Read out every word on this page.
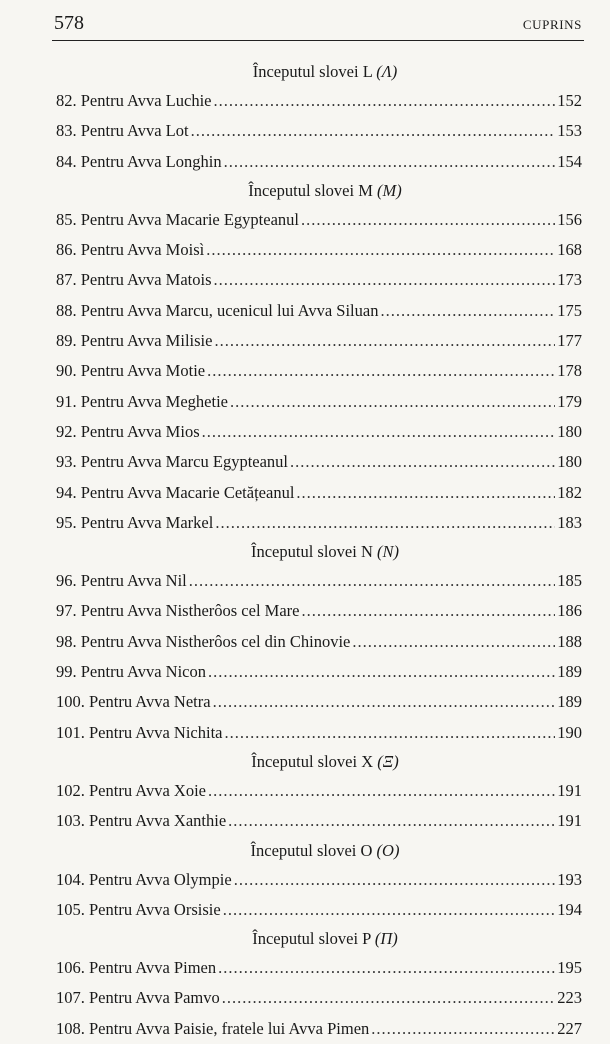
578	CUPRINS
Începutul slovei L (Λ)
82. Pentru Avva Luchie .....	152
83. Pentru Avva Lot .....	153
84. Pentru Avva Longhin .....	154
Începutul slovei M (M)
85. Pentru Avva Macarie Egypteanul .....	156
86. Pentru Avva Moisì .....	168
87. Pentru Avva Matois .....	173
88. Pentru Avva Marcu, ucenicul lui Avva Siluan .....	175
89. Pentru Avva Milisie .....	177
90. Pentru Avva Motie .....	178
91. Pentru Avva Meghetie .....	179
92. Pentru Avva Mios .....	180
93. Pentru Avva Marcu Egypteanul .....	180
94. Pentru Avva Macarie Cetățeanul .....	182
95. Pentru Avva Markel .....	183
Începutul slovei N (N)
96. Pentru Avva Nil .....	185
97. Pentru Avva Nistherôos cel Mare .....	186
98. Pentru Avva Nistherôos cel din Chinovie .....	188
99. Pentru Avva Nicon .....	189
100. Pentru Avva Netra .....	189
101. Pentru Avva Nichita .....	190
Începutul slovei X (Ξ)
102. Pentru Avva Xoie .....	191
103. Pentru Avva Xanthie .....	191
Începutul slovei O (O)
104. Pentru Avva Olympie .....	193
105. Pentru Avva Orsisie .....	194
Începutul slovei P (Π)
106. Pentru Avva Pimen .....	195
107. Pentru Avva Pamvo .....	223
108. Pentru Avva Paisie, fratele lui Avva Pimen .....	227
